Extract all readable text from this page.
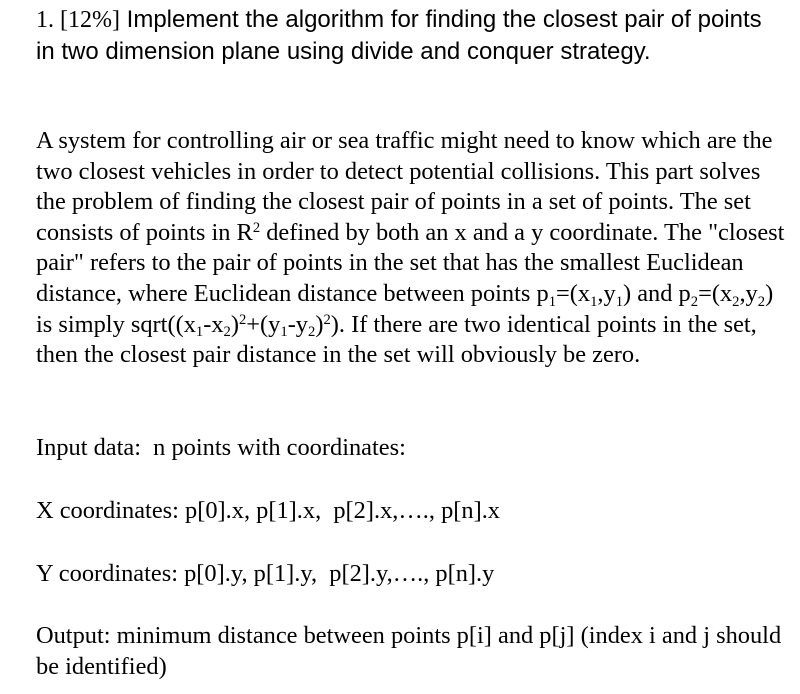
1. [12%] Implement the algorithm for finding the closest pair of points in two dimension plane using divide and conquer strategy.

A system for controlling air or sea traffic might need to know which are the two closest vehicles in order to detect potential collisions. This part solves the problem of finding the closest pair of points in a set of points. The set consists of points in $R^2$ defined by both an x and a y coordinate. The "closest pair" refers to the pair of points in the set that has the smallest Euclidean distance, where Euclidean distance between points $p_1=(x_1,y_1)$ and $p_2=(x_2,y_2)$ is simply $sqrt((x_1-x_2)^2+(y_1-y_2)^2)$. If there are two identical points in the set, then the closest pair distance in the set will obviously be zero.

Input data:  n points with coordinates:

X coordinates: p[0].x, p[1].x,  p[2].x,…., p[n].x

Y coordinates: p[0].y, p[1].y,  p[2].y,…., p[n].y

Output: minimum distance between points p[i] and p[j] (index i and j should be identified)
